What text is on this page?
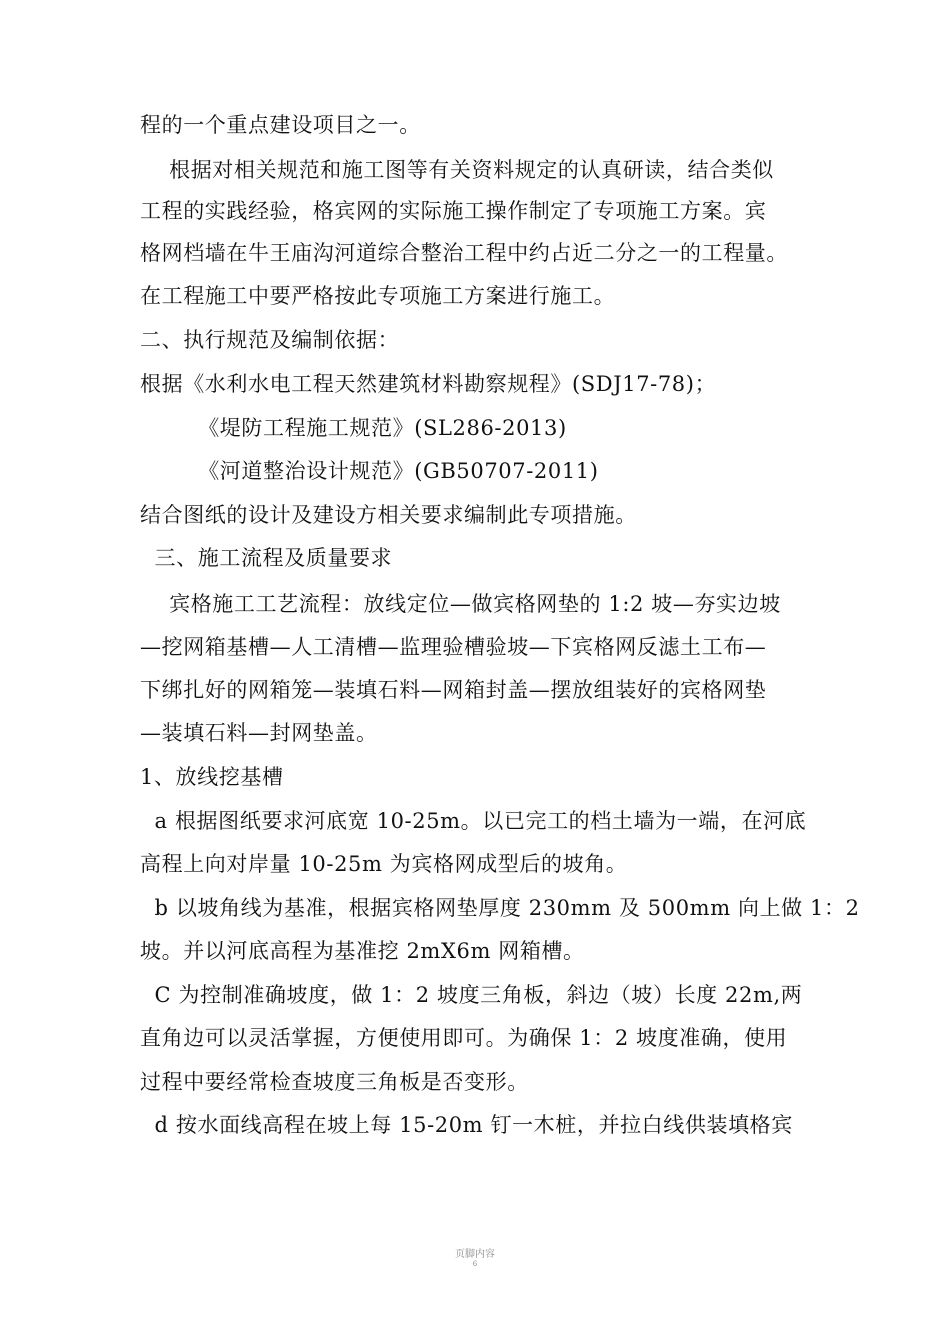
程的一个重点建设项目之一。
根据对相关规范和施工图等有关资料规定的认真研读，结合类似
工程的实践经验，格宾网的实际施工操作制定了专项施工方案。宾
格网档墙在牛王庙沟河道综合整治工程中约占近二分之一的工程量。
在工程施工中要严格按此专项施工方案进行施工。
二、执行规范及编制依据：
根据《水利水电工程天然建筑材料勘察规程》(SDJ17-78)；
《堤防工程施工规范》(SL286-2013)
《河道整治设计规范》(GB50707-2011)
结合图纸的设计及建设方相关要求编制此专项措施。
三、施工流程及质量要求
宾格施工工艺流程：放线定位—做宾格网垫的 1:2 坡—夯实边坡
—挖网箱基槽—人工清槽—监理验槽验坡—下宾格网反滤土工布—
下绑扎好的网箱笼—装填石料—网箱封盖—摆放组装好的宾格网垫
—装填石料—封网垫盖。
1、放线挖基槽
a 根据图纸要求河底宽 10-25m。以已完工的档土墙为一端，在河底
高程上向对岸量 10-25m 为宾格网成型后的坡角。
b 以坡角线为基准，根据宾格网垫厚度 230mm 及 500mm 向上做 1：2
坡。并以河底高程为基准挖 2mX6m 网箱槽。
C 为控制准确坡度，做 1：2 坡度三角板，斜边（坡）长度 22m,两
直角边可以灵活掌握，方便使用即可。为确保 1：2 坡度准确，使用
过程中要经常检查坡度三角板是否变形。
d 按水面线高程在坡上每 15-20m 钉一木桩，并拉白线供装填格宾
页脚内容
6
